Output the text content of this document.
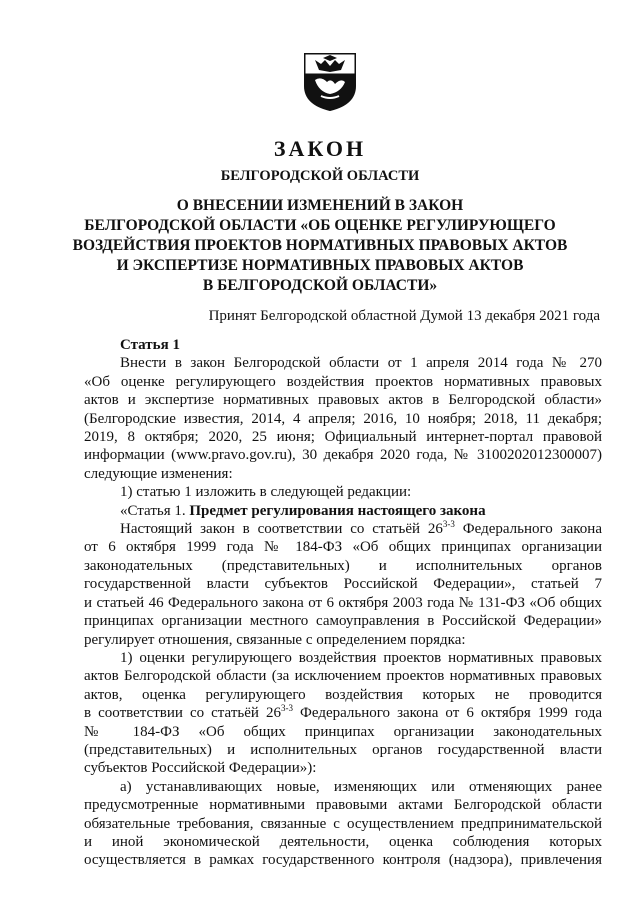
ЗАКОН
БЕЛГОРОДСКОЙ ОБЛАСТИ
О ВНЕСЕНИИ ИЗМЕНЕНИЙ В ЗАКОН
БЕЛГОРОДСКОЙ ОБЛАСТИ «ОБ ОЦЕНКЕ РЕГУЛИРУЮЩЕГО
ВОЗДЕЙСТВИЯ ПРОЕКТОВ НОРМАТИВНЫХ ПРАВОВЫХ АКТОВ
И ЭКСПЕРТИЗЕ НОРМАТИВНЫХ ПРАВОВЫХ АКТОВ
В БЕЛГОРОДСКОЙ ОБЛАСТИ»
Принят Белгородской областной Думой 13 декабря 2021 года
Статья 1
Внести в закон Белгородской области от 1 апреля 2014 года № 270
«Об оценке регулирующего воздействия проектов нормативных правовых
актов и экспертизе нормативных правовых актов в Белгородской области»
(Белгородские известия, 2014, 4 апреля; 2016, 10 ноября; 2018, 11 декабря;
2019, 8 октября; 2020, 25 июня; Официальный интернет-портал правовой
информации (www.pravo.gov.ru), 30 декабря 2020 года, № 3100202012300007)
следующие изменения:
1) статью 1 изложить в следующей редакции:
«Статья 1. Предмет регулирования настоящего закона
Настоящий закон в соответствии со статьёй 26$^{3-3}$ Федерального закона
от 6 октября 1999 года № 184-ФЗ «Об общих принципах организации
законодательных (представительных) и исполнительных органов
государственной власти субъектов Российской Федерации», статьей 7
и статьей 46 Федерального закона от 6 октября 2003 года № 131-ФЗ «Об общих
принципах организации местного самоуправления в Российской Федерации»
регулирует отношения, связанные с определением порядка:
1) оценки регулирующего воздействия проектов нормативных правовых
актов Белгородской области (за исключением проектов нормативных правовых
актов, оценка регулирующего воздействия которых не проводится
в соответствии со статьёй 26$^{3-3}$ Федерального закона от 6 октября 1999 года
№ 184-ФЗ «Об общих принципах организации законодательных
(представительных) и исполнительных органов государственной власти
субъектов Российской Федерации»):
а) устанавливающих новые, изменяющих или отменяющих ранее
предусмотренные нормативными правовыми актами Белгородской области
обязательные требования, связанные с осуществлением предпринимательской
и иной экономической деятельности, оценка соблюдения которых
осуществляется в рамках государственного контроля (надзора), привлечения
